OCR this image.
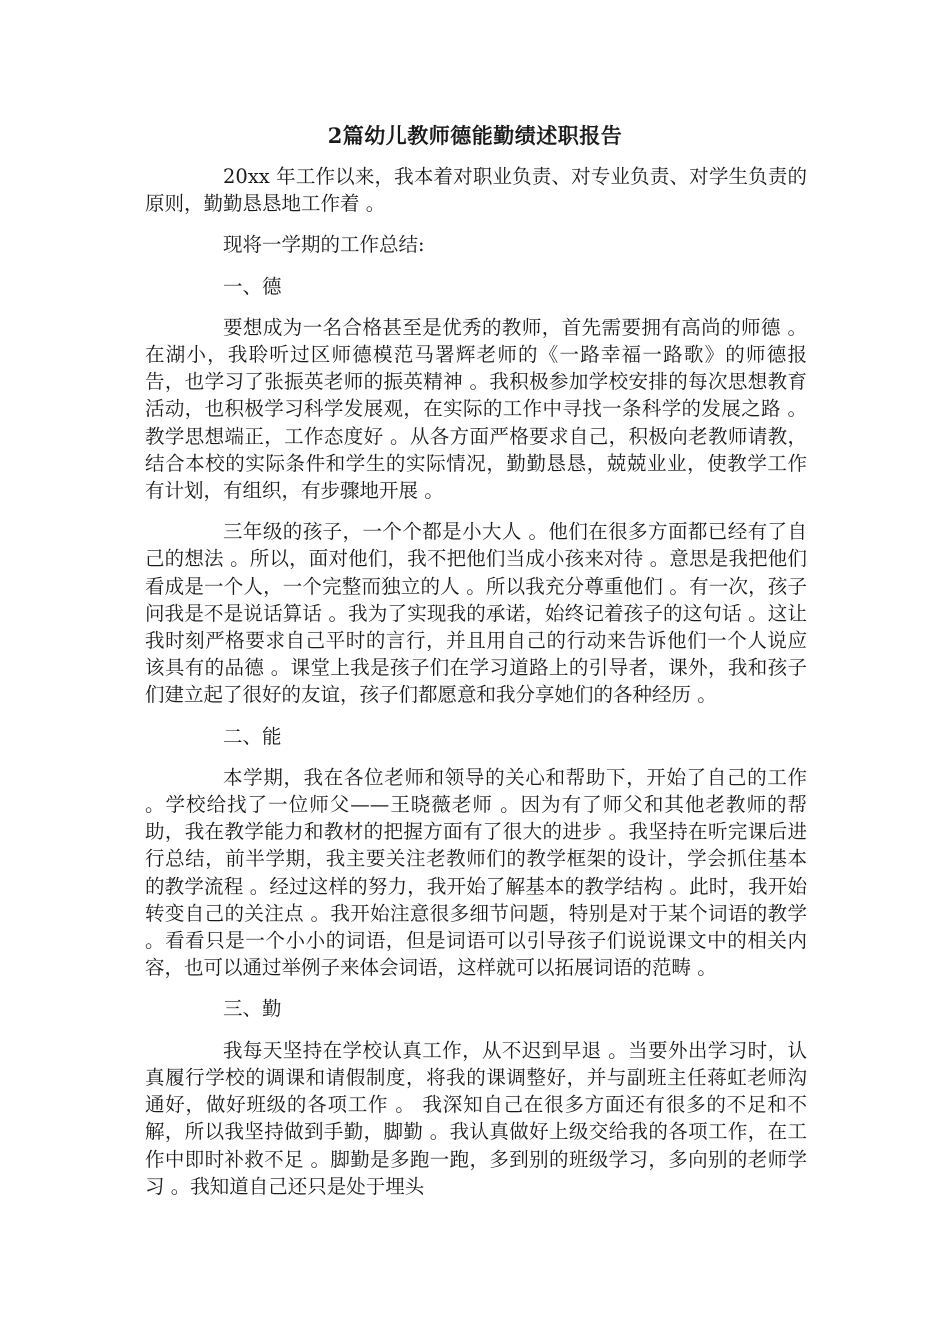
2篇幼儿教师德能勤绩述职报告

20xx 年工作以来，我本着对职业负责、对专业负责、对学生负责的原则，勤勤恳恳地工作着 。

现将一学期的工作总结:

一、德

要想成为一名合格甚至是优秀的教师，首先需要拥有高尚的师德 。在湖小，我聆听过区师德模范马署辉老师的《一路幸福一路歌》的师德报告，也学习了张振英老师的振英精神 。我积极参加学校安排的每次思想教育活动，也积极学习科学发展观，在实际的工作中寻找一条科学的发展之路 。教学思想端正，工作态度好 。从各方面严格要求自己，积极向老教师请教，结合本校的实际条件和学生的实际情况，勤勤恳恳，兢兢业业，使教学工作有计划，有组织，有步骤地开展 。

三年级的孩子，一个个都是小大人 。他们在很多方面都已经有了自己的想法 。所以，面对他们，我不把他们当成小孩来对待 。意思是我把他们看成是一个人，一个完整而独立的人 。所以我充分尊重他们 。有一次，孩子问我是不是说话算话 。我为了实现我的承诺，始终记着孩子的这句话 。这让我时刻严格要求自己平时的言行，并且用自己的行动来告诉他们一个人说应该具有的品德 。课堂上我是孩子们在学习道路上的引导者，课外，我和孩子们建立起了很好的友谊，孩子们都愿意和我分享她们的各种经历 。

二、能

本学期，我在各位老师和领导的关心和帮助下，开始了自己的工作 。学校给找了一位师父——王晓薇老师 。因为有了师父和其他老教师的帮助，我在教学能力和教材的把握方面有了很大的进步 。我坚持在听完课后进行总结，前半学期，我主要关注老教师们的教学框架的设计，学会抓住基本的教学流程 。经过这样的努力，我开始了解基本的教学结构 。此时，我开始转变自己的关注点 。我开始注意很多细节问题，特别是对于某个词语的教学 。看看只是一个小小的词语，但是词语可以引导孩子们说说课文中的相关内容，也可以通过举例子来体会词语，这样就可以拓展词语的范畴 。

三、勤

我每天坚持在学校认真工作，从不迟到早退 。当要外出学习时，认真履行学校的调课和请假制度，将我的课调整好，并与副班主任蒋虹老师沟通好，做好班级的各项工作 。 我深知自己在很多方面还有很多的不足和不解，所以我坚持做到手勤，脚勤 。我认真做好上级交给我的各项工作，在工作中即时补救不足 。脚勤是多跑一跑，多到别的班级学习，多向别的老师学习 。我知道自己还只是处于埋头
